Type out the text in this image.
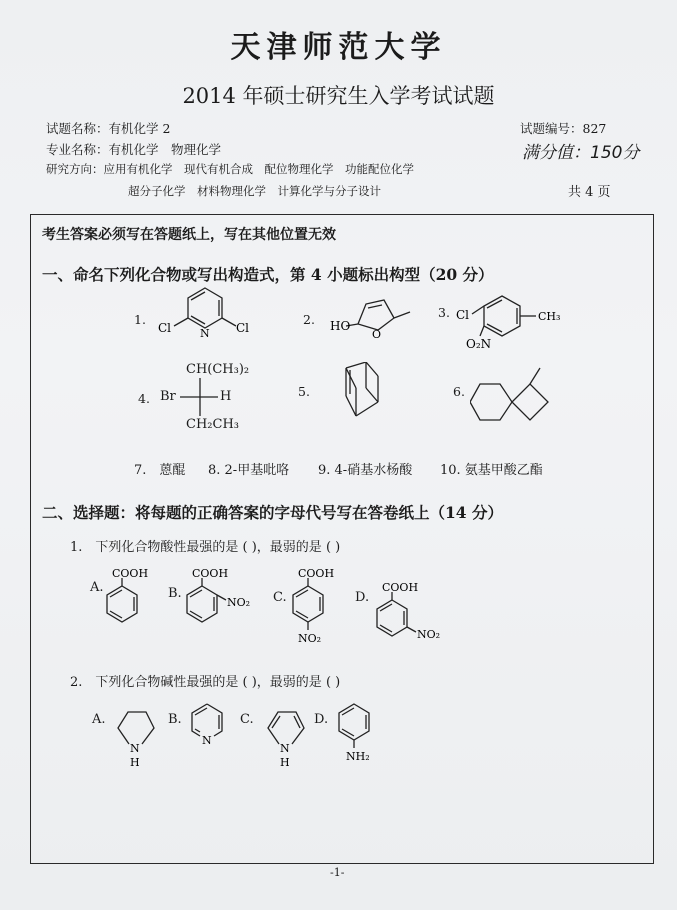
天津师范大学
2014 年硕士研究生入学考试试题
试题名称：有机化学 2	试题编号：827
专业名称：有机化学　物理化学	满分值：150分
研究方向：应用有机化学　现代有机合成　配位物理化学　功能配位化学
超分子化学　材料物理化学　计算化学与分子设计	共 4 页
考生答案必须写在答题纸上，写在其他位置无效
一、命名下列化合物或写出构造式，第 4 小题标出构型（20 分）
1.	2.	3.
N
Cl	Cl	HO
O
Cl
O₂N
CH₃
4.	5.	6.
CH(CH₃)₂
Br	H
CH₂CH₃
7.　蒽醌 8. 2-甲基吡咯 9. 4-硝基水杨酸 10. 氨基甲酸乙酯
二、选择题：将每题的正确答案的字母代号写在答卷纸上（14 分）
1.　下列化合物酸性最强的是 ( )，最弱的是 ( )
A.	B.	C.	D.
COOH	COOH
NO₂
COOH
NO₂
COOH
NO₂
2.　下列化合物碱性最强的是 ( )，最弱的是 ( )
A.	B.	C.	D.
N
H
N
N
H	NH₂
-1-
